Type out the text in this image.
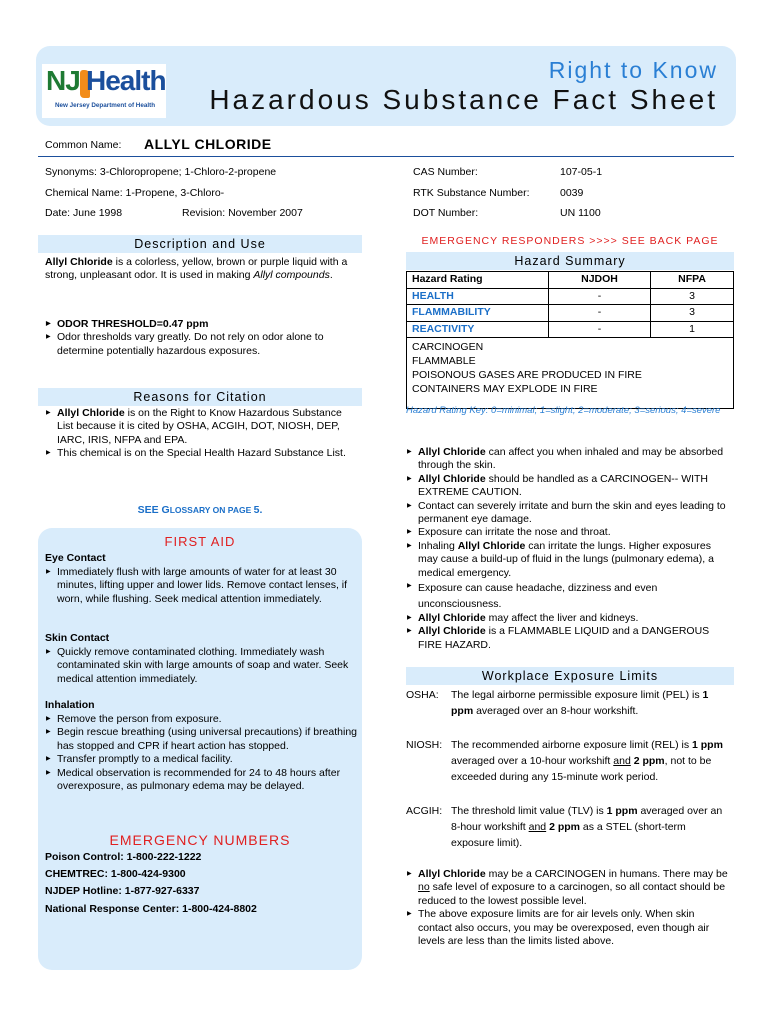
NJ Health
New Jersey Department of Health
Right to Know
Hazardous Substance Fact Sheet
Common Name: ALLYL CHLORIDE
Synonyms: 3-Chloropropene; 1-Chloro-2-propene
Chemical Name: 1-Propene, 3-Chloro-
Date: June 1998	Revision: November 2007
CAS Number:	107-05-1
RTK Substance Number:	0039
DOT Number:	UN 1100
Description and Use
Allyl Chloride is a colorless, yellow, brown or purple liquid with a strong, unpleasant odor. It is used in making Allyl compounds.
▶ ODOR THRESHOLD=0.47 ppm
▶ Odor thresholds vary greatly. Do not rely on odor alone to determine potentially hazardous exposures.
Reasons for Citation
▶ Allyl Chloride is on the Right to Know Hazardous Substance List because it is cited by OSHA, ACGIH, DOT, NIOSH, DEP, IARC, IRIS, NFPA and EPA.
▶ This chemical is on the Special Health Hazard Substance List.
SEE GLOSSARY ON PAGE 5.
FIRST AID
Eye Contact
▶ Immediately flush with large amounts of water for at least 30 minutes, lifting upper and lower lids. Remove contact lenses, if worn, while flushing. Seek medical attention immediately.
Skin Contact
▶ Quickly remove contaminated clothing. Immediately wash contaminated skin with large amounts of soap and water. Seek medical attention immediately.
Inhalation
▶ Remove the person from exposure.
▶ Begin rescue breathing (using universal precautions) if breathing has stopped and CPR if heart action has stopped.
▶ Transfer promptly to a medical facility.
▶ Medical observation is recommended for 24 to 48 hours after overexposure, as pulmonary edema may be delayed.
EMERGENCY NUMBERS
Poison Control: 1-800-222-1222
CHEMTREC: 1-800-424-9300
NJDEP Hotline: 1-877-927-6337
National Response Center: 1-800-424-8802
EMERGENCY RESPONDERS >>>> SEE BACK PAGE
Hazard Summary
Hazard Rating	NJDOH	NFPA
HEALTH	-	3
FLAMMABILITY	-	3
REACTIVITY	-	1

CARCINOGEN
FLAMMABLE
POISONOUS GASES ARE PRODUCED IN FIRE
CONTAINERS MAY EXPLODE IN FIRE		
Hazard Rating Key: 0=minimal; 1=slight; 2=moderate; 3=serious; 4=severe
▶ Allyl Chloride can affect you when inhaled and may be absorbed through the skin.
▶ Allyl Chloride should be handled as a CARCINOGEN-- WITH EXTREME CAUTION.
▶ Contact can severely irritate and burn the skin and eyes leading to permanent eye damage.
▶ Exposure can irritate the nose and throat.
▶ Inhaling Allyl Chloride can irritate the lungs. Higher exposures may cause a build-up of fluid in the lungs (pulmonary edema), a medical emergency.
▶ Exposure can cause headache, dizziness and even unconsciousness.
▶ Allyl Chloride may affect the liver and kidneys.
▶ Allyl Chloride is a FLAMMABLE LIQUID and a DANGEROUS FIRE HAZARD.
Workplace Exposure Limits
OSHA: The legal airborne permissible exposure limit (PEL) is 1 ppm averaged over an 8-hour workshift.
NIOSH: The recommended airborne exposure limit (REL) is 1 ppm averaged over a 10-hour workshift and 2 ppm, not to be exceeded during any 15-minute work period.
ACGIH: The threshold limit value (TLV) is 1 ppm averaged over an 8-hour workshift and 2 ppm as a STEL (short-term exposure limit).
▶ Allyl Chloride may be a CARCINOGEN in humans. There may be no safe level of exposure to a carcinogen, so all contact should be reduced to the lowest possible level.
▶ The above exposure limits are for air levels only. When skin contact also occurs, you may be overexposed, even though air levels are less than the limits listed above.
